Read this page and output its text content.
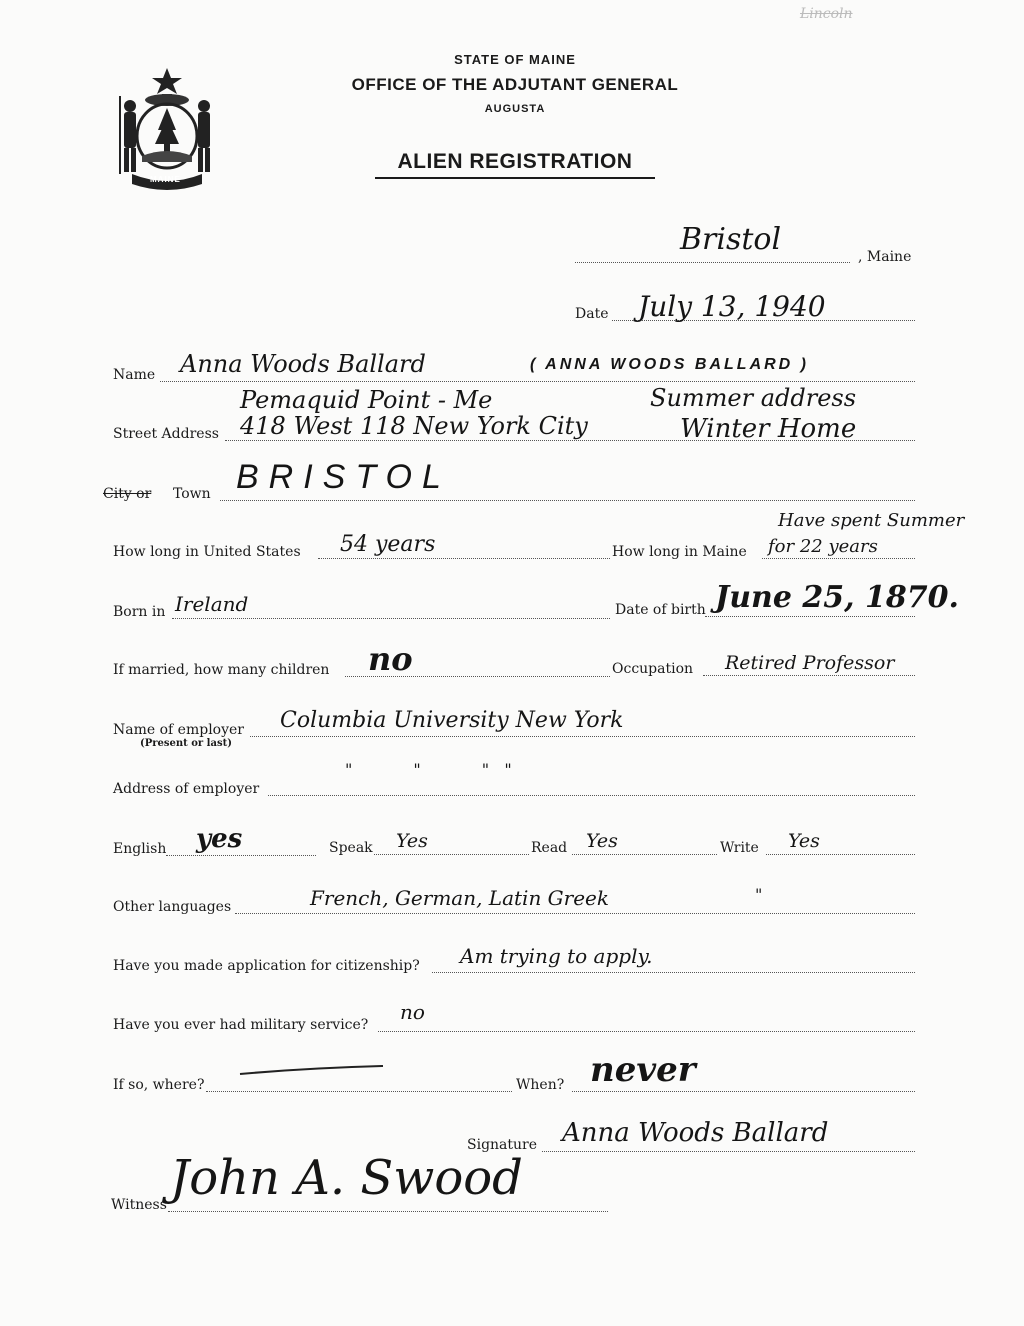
Lincoln
MAINE
STATE OF MAINE
OFFICE OF THE ADJUTANT GENERAL
AUGUSTA
ALIEN REGISTRATION
Bristol	, Maine
Date July 13, 1940
Name Anna Woods Ballard	( ANNA WOODS BALLARD )
Street Address
Pemaquid Point - Me	Summer address
418 West 118 New York City	Winter Home
City or Town BRISTOL
How long in United States 54 years	How long in Maine
Have spent Summer
for 22 years
Born in Ireland	Date of birth June 25, 1870.
If married, how many children no	Occupation Retired Professor
Name of employer
(Present or last)
Columbia University New York
Address of employer
"            "            "   "
English yes	Speak Yes	Read Yes	Write Yes
Other languages	French, German, Latin Greek	"
Have you made application for citizenship? Am trying to apply.
Have you ever had military service?
no
If so, where?	When? never
Signature Anna Woods Ballard
Witness John A. Swood
